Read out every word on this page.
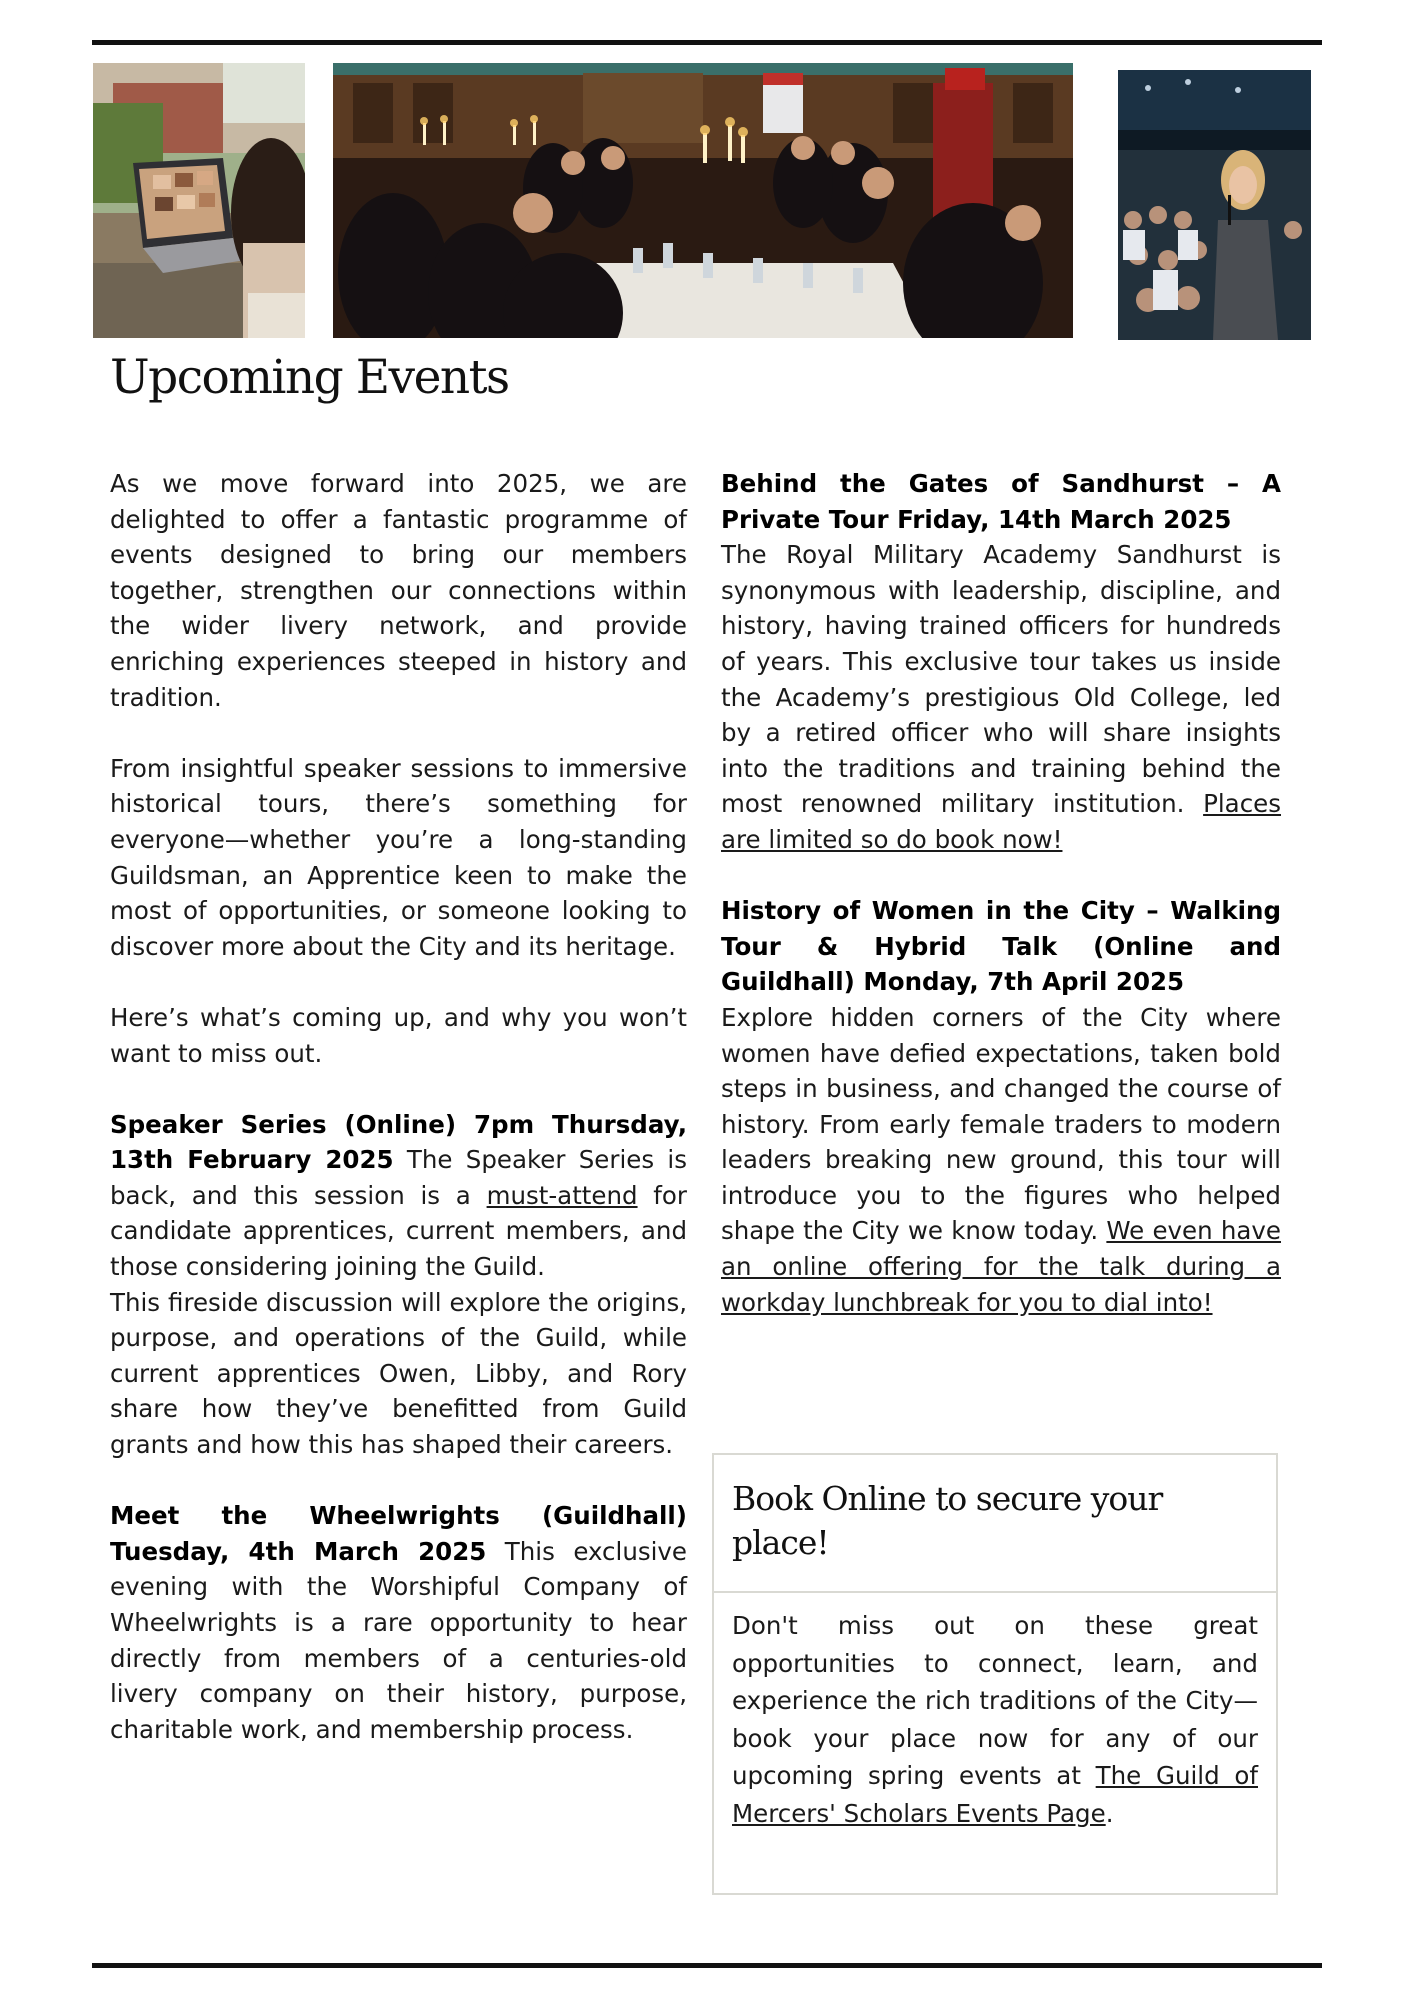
Upcoming Events

As we move forward into 2025, we are delighted to offer a fantastic programme of events designed to bring our members together, strengthen our connections within the wider livery network, and provide enriching experiences steeped in history and tradition.

From insightful speaker sessions to immersive historical tours, there’s something for everyone—whether you’re a long-standing Guildsman, an Apprentice keen to make the most of opportunities, or someone looking to discover more about the City and its heritage.

Here’s what’s coming up, and why you won’t want to miss out.

Speaker Series (Online) 7pm Thursday, 13th February 2025 The Speaker Series is back, and this session is a must-attend for candidate apprentices, current members, and those considering joining the Guild.

This fireside discussion will explore the origins, purpose, and operations of the Guild, while current apprentices Owen, Libby, and Rory share how they’ve benefitted from Guild grants and how this has shaped their careers.

Meet the Wheelwrights (Guildhall) Tuesday, 4th March 2025 This exclusive evening with the Worshipful Company of Wheelwrights is a rare opportunity to hear directly from members of a centuries-old livery company on their history, purpose, charitable work, and membership process.

Behind the Gates of Sandhurst – A Private Tour Friday, 14th March 2025
The Royal Military Academy Sandhurst is synonymous with leadership, discipline, and history, having trained officers for hundreds of years. This exclusive tour takes us inside the Academy’s prestigious Old College, led by a retired officer who will share insights into the traditions and training behind the most renowned military institution. Places are limited so do book now!

History of Women in the City – Walking Tour & Hybrid Talk (Online and Guildhall) Monday, 7th April 2025
Explore hidden corners of the City where women have defied expectations, taken bold steps in business, and changed the course of history. From early female traders to modern leaders breaking new ground, this tour will introduce you to the figures who helped shape the City we know today. We even have an online offering for the talk during a workday lunchbreak for you to dial into!

Book Online to secure your place!

Don't miss out on these great opportunities to connect, learn, and experience the rich traditions of the City—book your place now for any of our upcoming spring events at The Guild of Mercers' Scholars Events Page.
